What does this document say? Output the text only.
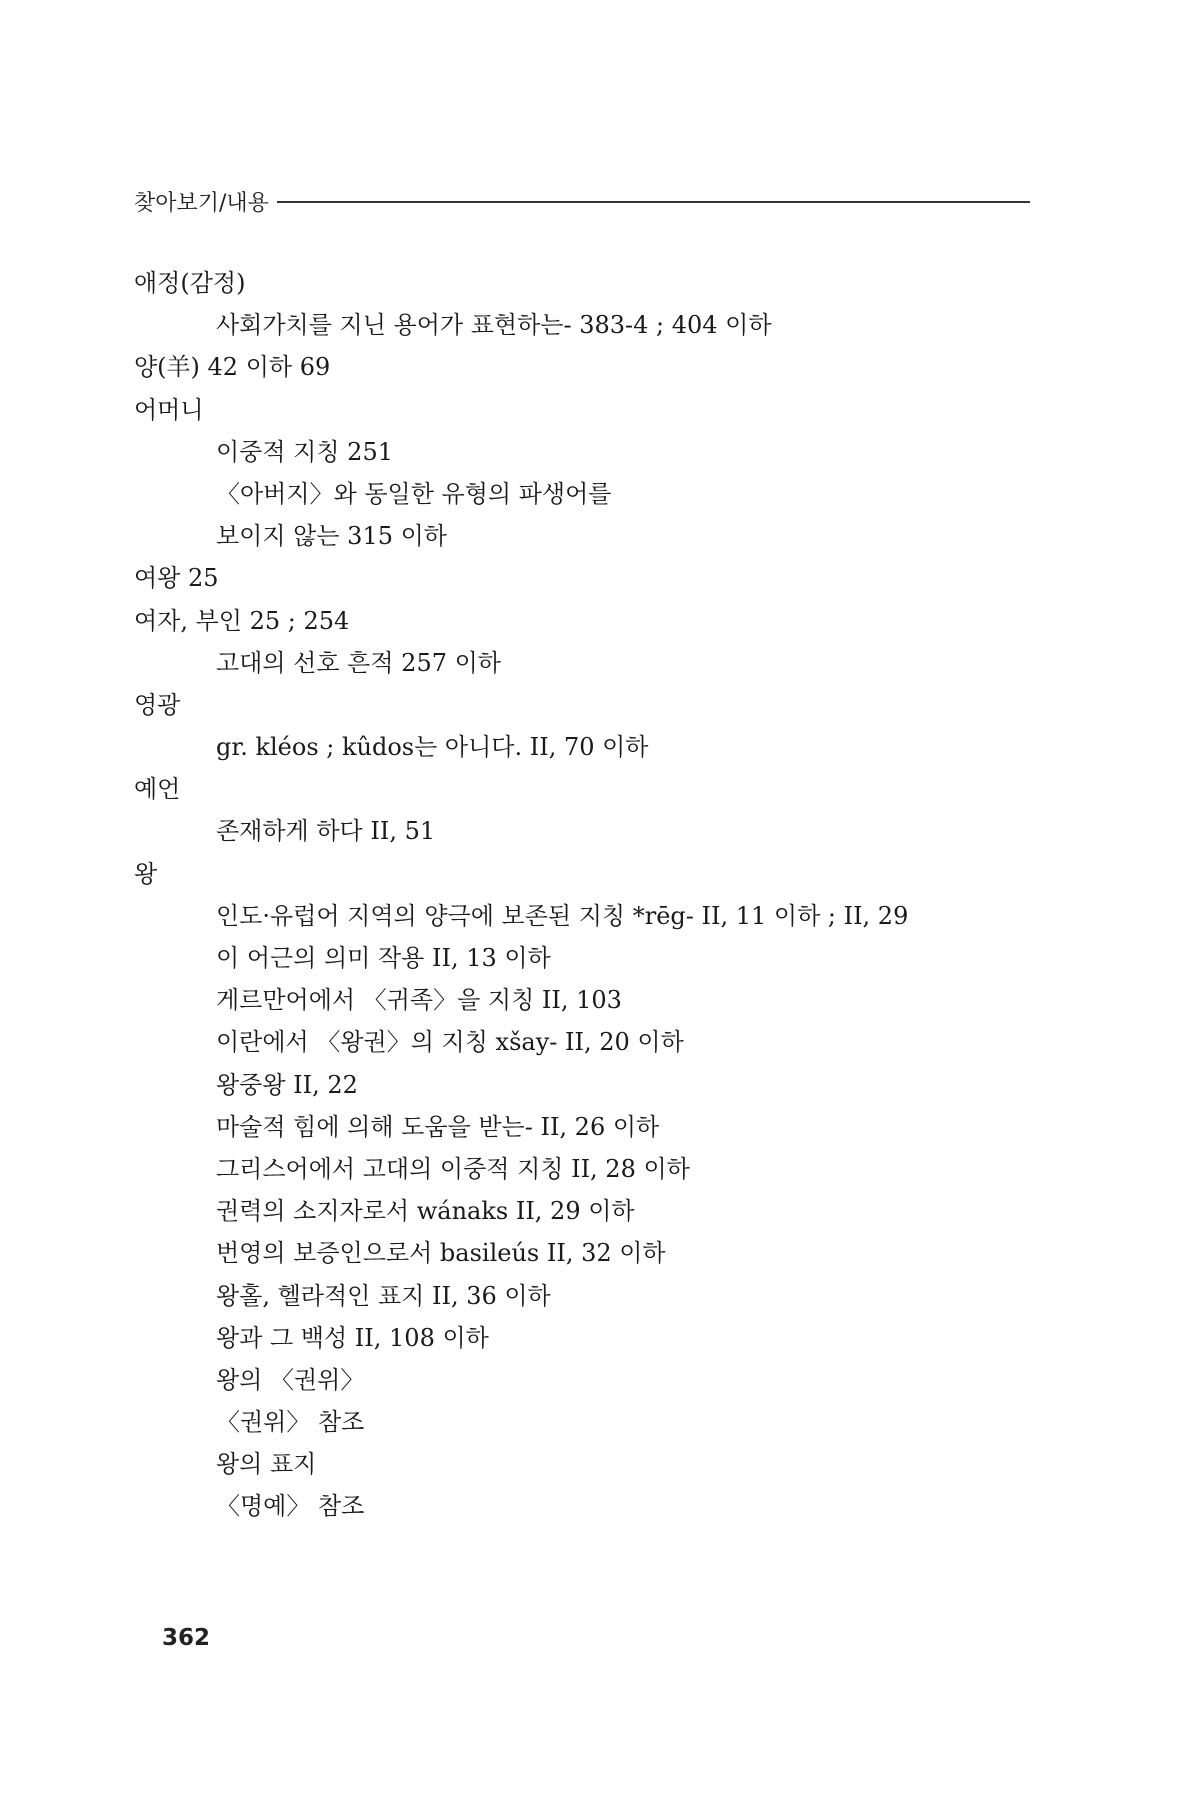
찾아보기/내용
애정(감정)
사회가치를 지닌 용어가 표현하는- 383-4 ; 404 이하
양(羊) 42 이하 69
어머니
이중적 지칭 251
〈아버지〉와 동일한 유형의 파생어를
보이지 않는 315 이하
여왕 25
여자, 부인 25 ; 254
고대의 선호 흔적 257 이하
영광
gr. kléos ; kûdos는 아니다. II, 70 이하
예언
존재하게 하다 II, 51
왕
인도·유럽어 지역의 양극에 보존된 지칭 *rēg- II, 11 이하 ; II, 29
이 어근의 의미 작용 II, 13 이하
게르만어에서 〈귀족〉을 지칭 II, 103
이란에서 〈왕권〉의 지칭 xšay- II, 20 이하
왕중왕 II, 22
마술적 힘에 의해 도움을 받는- II, 26 이하
그리스어에서 고대의 이중적 지칭 II, 28 이하
권력의 소지자로서 wánaks II, 29 이하
번영의 보증인으로서 basileús II, 32 이하
왕홀, 헬라적인 표지 II, 36 이하
왕과 그 백성 II, 108 이하
왕의 〈권위〉
〈권위〉 참조
왕의 표지
〈명예〉 참조
362
